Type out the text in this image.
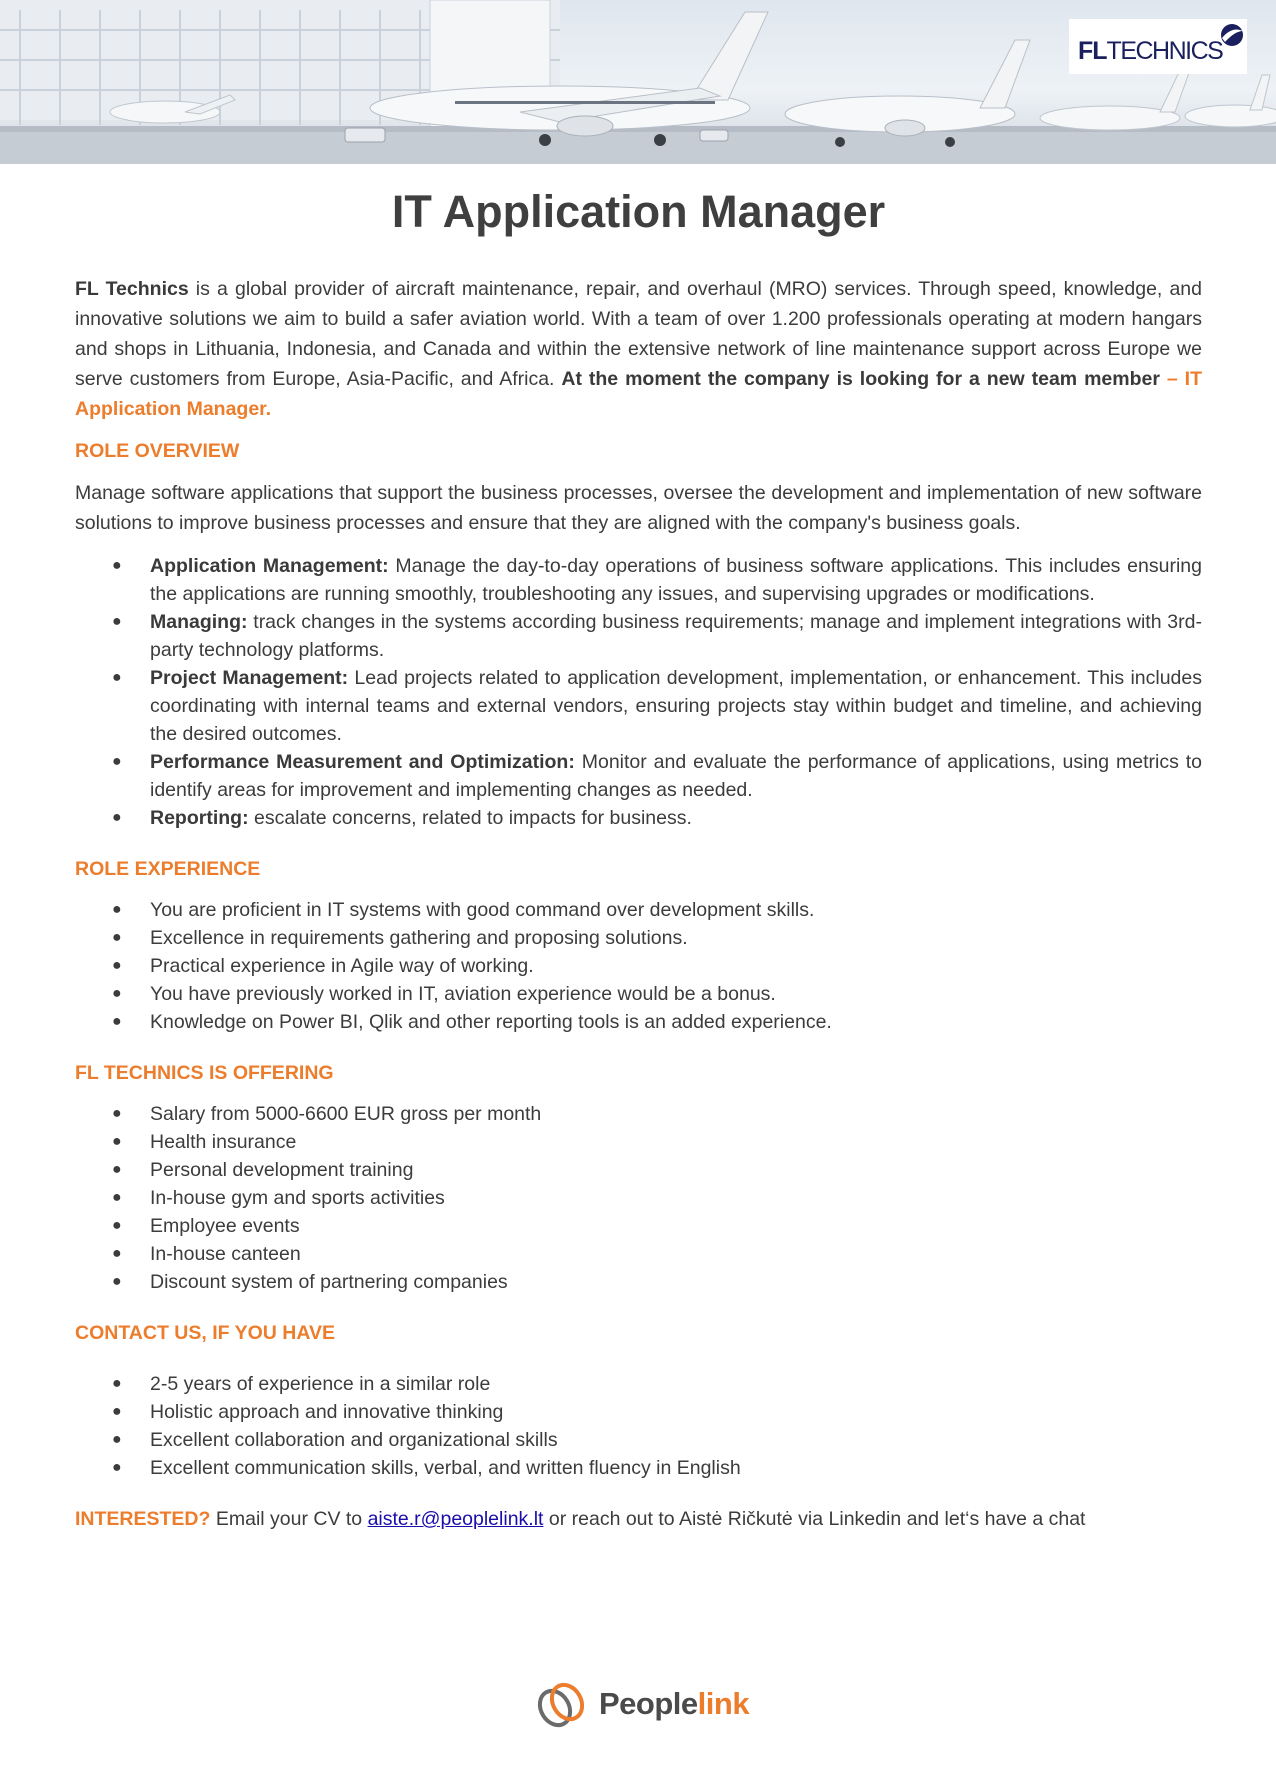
FLTECHNICS
IT Application Manager

FL Technics is a global provider of aircraft maintenance, repair, and overhaul (MRO) services. Through speed, knowledge, and innovative solutions we aim to build a safer aviation world. With a team of over 1.200 professionals operating at modern hangars and shops in Lithuania, Indonesia, and Canada and within the extensive network of line maintenance support across Europe we serve customers from Europe, Asia-Pacific, and Africa. At the moment the company is looking for a new team member – IT Application Manager.

ROLE OVERVIEW

Manage software applications that support the business processes, oversee the development and implementation of new software solutions to improve business processes and ensure that they are aligned with the company's business goals.

● Application Management: Manage the day-to-day operations of business software applications. This includes ensuring the applications are running smoothly, troubleshooting any issues, and supervising upgrades or modifications.
● Managing: track changes in the systems according business requirements; manage and implement integrations with 3rd-party technology platforms.
● Project Management: Lead projects related to application development, implementation, or enhancement. This includes coordinating with internal teams and external vendors, ensuring projects stay within budget and timeline, and achieving the desired outcomes.
● Performance Measurement and Optimization: Monitor and evaluate the performance of applications, using metrics to identify areas for improvement and implementing changes as needed.
● Reporting: escalate concerns, related to impacts for business.
ROLE EXPERIENCE
● You are proficient in IT systems with good command over development skills.
● Excellence in requirements gathering and proposing solutions.
● Practical experience in Agile way of working.
● You have previously worked in IT, aviation experience would be a bonus.
● Knowledge on Power BI, Qlik and other reporting tools is an added experience.
FL TECHNICS IS OFFERING
● Salary from 5000-6600 EUR gross per month
● Health insurance
● Personal development training
● In-house gym and sports activities
● Employee events
● In-house canteen
● Discount system of partnering companies
CONTACT US, IF YOU HAVE
● 2-5 years of experience in a similar role
● Holistic approach and innovative thinking
● Excellent collaboration and organizational skills
● Excellent communication skills, verbal, and written fluency in English

INTERESTED? Email your CV to aiste.r@peoplelink.lt or reach out to Aistė Ričkutė via Linkedin and let‘s have a chat

Peoplelink
